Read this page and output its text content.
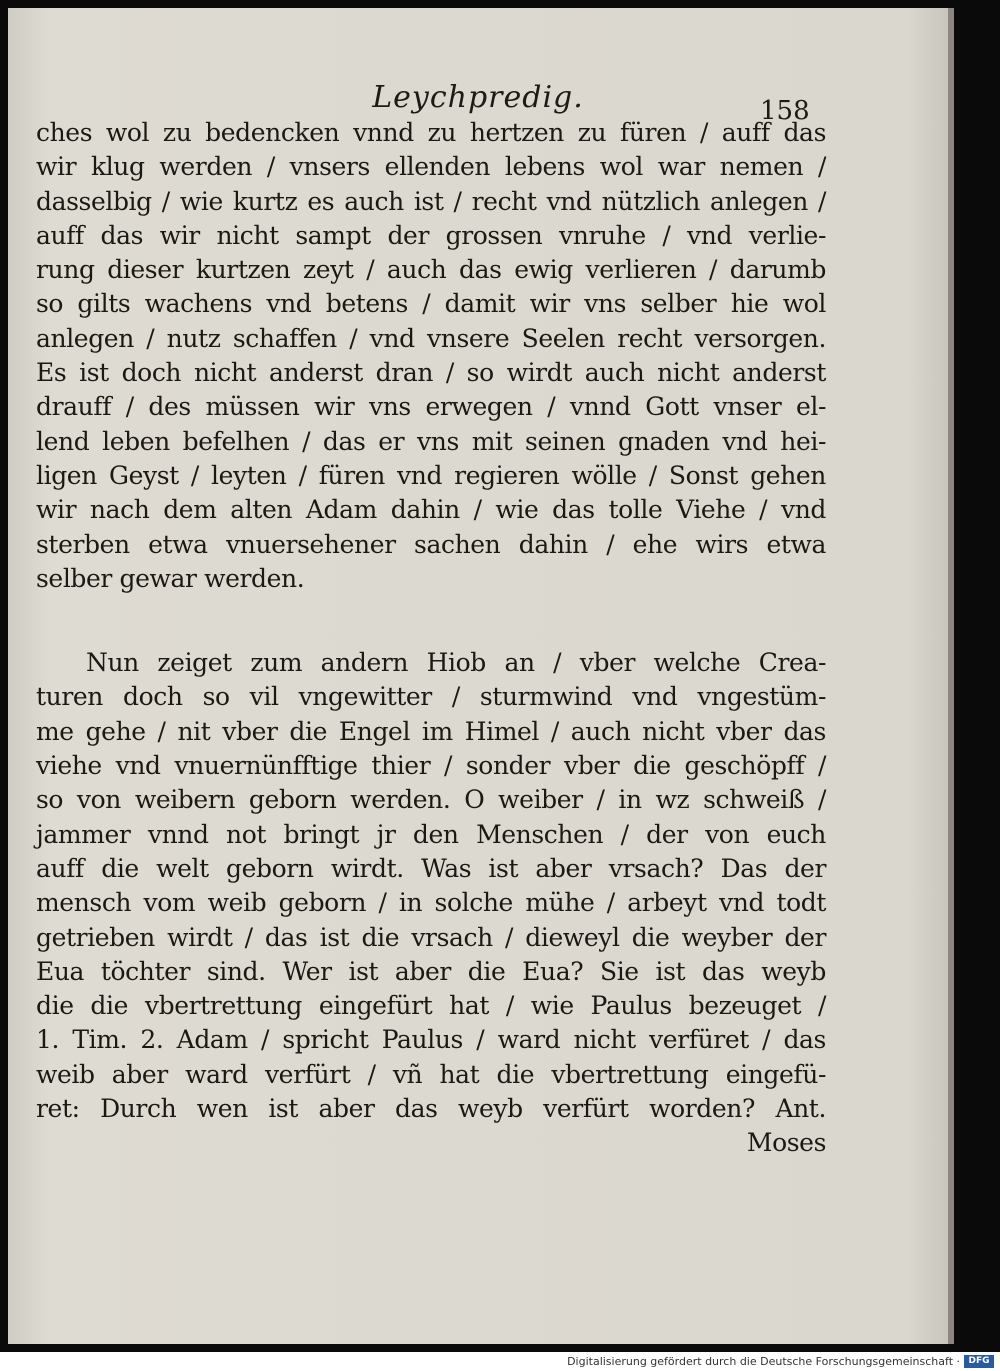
Leychpredig.	158
ches wol zu bedencken vnnd zu hertzen zu füren / auff das
wir klug werden / vnsers ellenden lebens wol war nemen /
dasselbig / wie kurtz es auch ist / recht vnd nützlich anlegen /
auff das wir nicht sampt der grossen vnruhe / vnd verlie-
rung dieser kurtzen zeyt / auch das ewig verlieren / darumb
so gilts wachens vnd betens / damit wir vns selber hie wol
anlegen / nutz schaffen / vnd vnsere Seelen recht versorgen.
Es ist doch nicht anderst dran / so wirdt auch nicht anderst
drauff / des müssen wir vns erwegen / vnnd Gott vnser el-
lend leben befelhen / das er vns mit seinen gnaden vnd hei-
ligen Geyst / leyten / füren vnd regieren wölle / Sonst gehen
wir nach dem alten Adam dahin / wie das tolle Viehe / vnd
sterben etwa vnuersehener sachen dahin / ehe wirs etwa
selber gewar werden.
Nun zeiget zum andern Hiob an / vber welche Crea-
turen doch so vil vngewitter / sturmwind vnd vngestüm-
me gehe / nit vber die Engel im Himel / auch nicht vber das
viehe vnd vnuernünfftige thier / sonder vber die geschöpff /
so von weibern geborn werden. O weiber / in wz schweiß /
jammer vnnd not bringt jr den Menschen / der von euch
auff die welt geborn wirdt. Was ist aber vrsach? Das der
mensch vom weib geborn / in solche mühe / arbeyt vnd todt
getrieben wirdt / das ist die vrsach / dieweyl die weyber der
Eua töchter sind. Wer ist aber die Eua? Sie ist das weyb
die die vbertrettung eingefürt hat / wie Paulus bezeuget /
1. Tim. 2. Adam / spricht Paulus / ward nicht verfüret / das
weib aber ward verfürt / vñ hat die vbertrettung eingefü-
ret: Durch wen ist aber das weyb verfürt worden? Ant.
Moses
Digitalisierung gefördert durch die Deutsche Forschungsgemeinschaft · DFG
